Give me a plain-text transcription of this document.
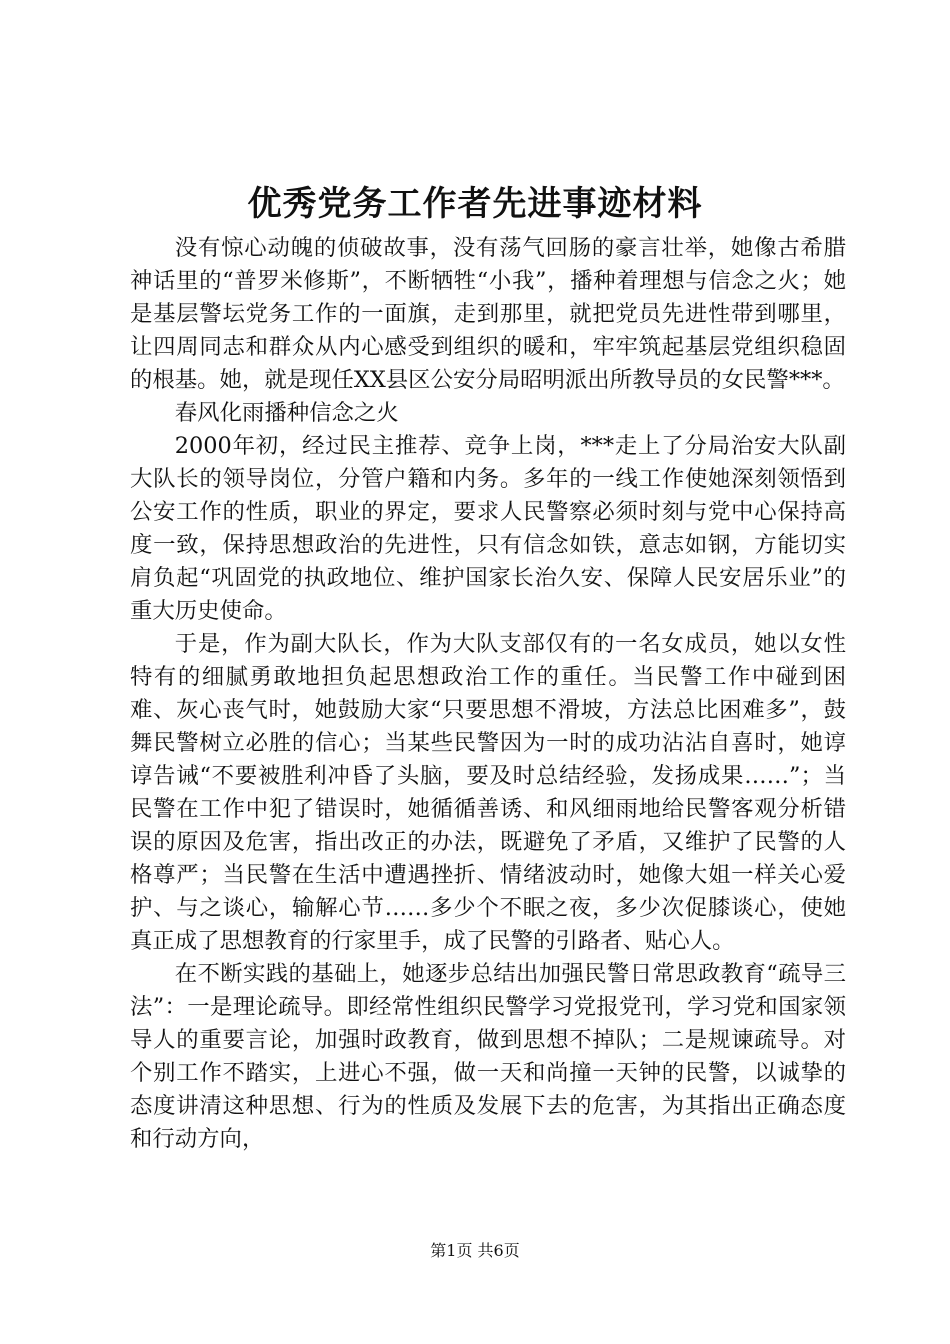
优秀党务工作者先进事迹材料

没有惊心动魄的侦破故事，没有荡气回肠的豪言壮举，她像古希腊神话里的“普罗米修斯”，不断牺牲“小我”，播种着理想与信念之火；她是基层警坛党务工作的一面旗，走到那里，就把党员先进性带到哪里，让四周同志和群众从内心感受到组织的暖和，牢牢筑起基层党组织稳固的根基。她，就是现任XX县区公安分局昭明派出所教导员的女民警***。

春风化雨播种信念之火

2000年初，经过民主推荐、竞争上岗，***走上了分局治安大队副大队长的领导岗位，分管户籍和内务。多年的一线工作使她深刻领悟到公安工作的性质，职业的界定，要求人民警察必须时刻与党中心保持高度一致，保持思想政治的先进性，只有信念如铁，意志如钢，方能切实肩负起“巩固党的执政地位、维护国家长治久安、保障人民安居乐业”的重大历史使命。

于是，作为副大队长，作为大队支部仅有的一名女成员，她以女性特有的细腻勇敢地担负起思想政治工作的重任。当民警工作中碰到困难、灰心丧气时，她鼓励大家“只要思想不滑坡，方法总比困难多”，鼓舞民警树立必胜的信心；当某些民警因为一时的成功沾沾自喜时，她谆谆告诫“不要被胜利冲昏了头脑，要及时总结经验，发扬成果……”；当民警在工作中犯了错误时，她循循善诱、和风细雨地给民警客观分析错误的原因及危害，指出改正的办法，既避免了矛盾，又维护了民警的人格尊严；当民警在生活中遭遇挫折、情绪波动时，她像大姐一样关心爱护、与之谈心，输解心节……多少个不眠之夜，多少次促膝谈心，使她真正成了思想教育的行家里手，成了民警的引路者、贴心人。

在不断实践的基础上，她逐步总结出加强民警日常思政教育“疏导三法”：一是理论疏导。即经常性组织民警学习党报党刊，学习党和国家领导人的重要言论，加强时政教育，做到思想不掉队；二是规谏疏导。对个别工作不踏实，上进心不强，做一天和尚撞一天钟的民警，以诚挚的态度讲清这种思想、行为的性质及发展下去的危害，为其指出正确态度和行动方向，

第1页 共6页
